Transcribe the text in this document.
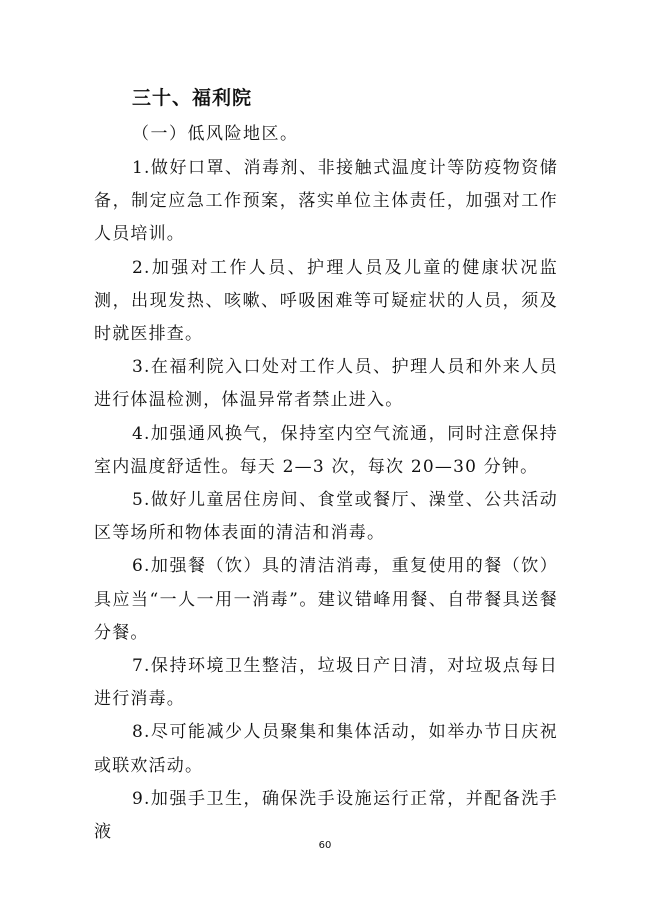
三十、福利院

（一）低风险地区。

1.做好口罩、消毒剂、非接触式温度计等防疫物资储备，制定应急工作预案，落实单位主体责任，加强对工作人员培训。

2.加强对工作人员、护理人员及儿童的健康状况监测，出现发热、咳嗽、呼吸困难等可疑症状的人员，须及时就医排查。

3.在福利院入口处对工作人员、护理人员和外来人员进行体温检测，体温异常者禁止进入。

4.加强通风换气，保持室内空气流通，同时注意保持室内温度舒适性。每天 2—3 次，每次 20—30 分钟。

5.做好儿童居住房间、食堂或餐厅、澡堂、公共活动区等场所和物体表面的清洁和消毒。

6.加强餐（饮）具的清洁消毒，重复使用的餐（饮）具应当“一人一用一消毒”。建议错峰用餐、自带餐具送餐分餐。

7.保持环境卫生整洁，垃圾日产日清，对垃圾点每日进行消毒。

8.尽可能减少人员聚集和集体活动，如举办节日庆祝或联欢活动。

9.加强手卫生，确保洗手设施运行正常，并配备洗手液

60
